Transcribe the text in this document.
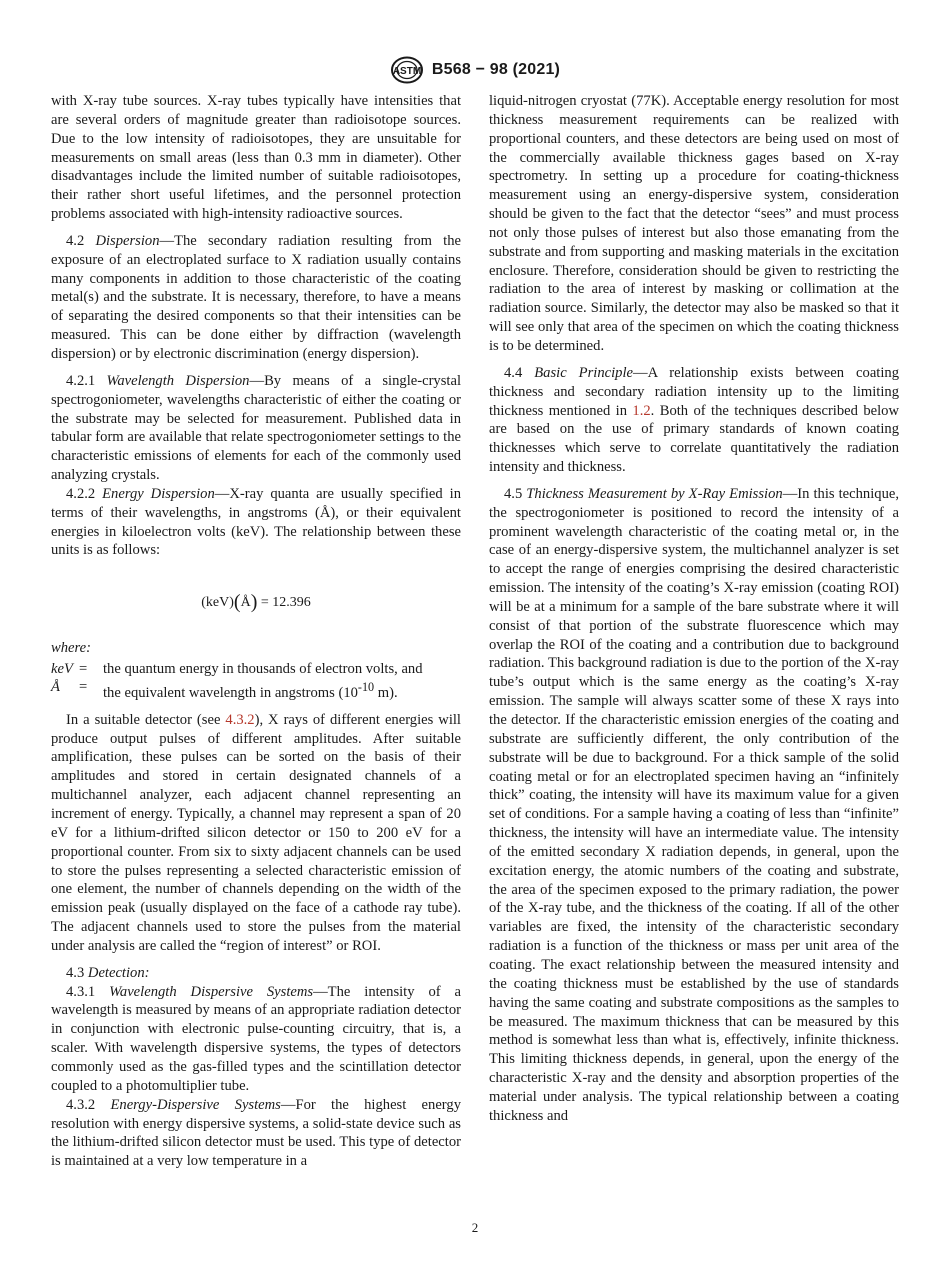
ASTM B568 − 98 (2021)

with X-ray tube sources. X-ray tubes typically have intensities that are several orders of magnitude greater than radioisotope sources. Due to the low intensity of radioisotopes, they are unsuitable for measurements on small areas (less than 0.3 mm in diameter). Other disadvantages include the limited number of suitable radioisotopes, their rather short useful lifetimes, and the personnel protection problems associated with high-intensity radioactive sources.

4.2 Dispersion—The secondary radiation resulting from the exposure of an electroplated surface to X radiation usually contains many components in addition to those characteristic of the coating metal(s) and the substrate. It is necessary, therefore, to have a means of separating the desired components so that their intensities can be measured. This can be done either by diffraction (wavelength dispersion) or by electronic discrimination (energy dispersion).

4.2.1 Wavelength Dispersion—By means of a single-crystal spectrogoniometer, wavelengths characteristic of either the coating or the substrate may be selected for measurement. Published data in tabular form are available that relate spectrogoniometer settings to the characteristic emissions of elements for each of the commonly used analyzing crystals.

4.2.2 Energy Dispersion—X-ray quanta are usually specified in terms of their wavelengths, in angstroms (Å), or their equivalent energies in kiloelectron volts (keV). The relationship between these units is as follows:

(keV)(Å) = 12.396
where:
keV =	the quantum energy in thousands of electron volts, and
Å	=	the equivalent wavelength in angstroms ($10^{-10}$ m).

In a suitable detector (see 4.3.2), X rays of different energies will produce output pulses of different amplitudes. After suitable amplification, these pulses can be sorted on the basis of their amplitudes and stored in certain designated channels of a multichannel analyzer, each adjacent channel representing an increment of energy. Typically, a channel may represent a span of 20 eV for a lithium-drifted silicon detector or 150 to 200 eV for a proportional counter. From six to sixty adjacent channels can be used to store the pulses representing a selected characteristic emission of one element, the number of channels depending on the width of the emission peak (usually displayed on the face of a cathode ray tube). The adjacent channels used to store the pulses from the material under analysis are called the “region of interest” or ROI.

4.3 Detection:

4.3.1 Wavelength Dispersive Systems—The intensity of a wavelength is measured by means of an appropriate radiation detector in conjunction with electronic pulse-counting circuitry, that is, a scaler. With wavelength dispersive systems, the types of detectors commonly used as the gas-filled types and the scintillation detector coupled to a photomultiplier tube.

4.3.2 Energy-Dispersive Systems—For the highest energy resolution with energy dispersive systems, a solid-state device such as the lithium-drifted silicon detector must be used. This type of detector is maintained at a very low temperature in a

liquid-nitrogen cryostat (77K). Acceptable energy resolution for most thickness measurement requirements can be realized with proportional counters, and these detectors are being used on most of the commercially available thickness gages based on X-ray spectrometry. In setting up a procedure for coating-thickness measurement using an energy-dispersive system, consideration should be given to the fact that the detector “sees” and must process not only those pulses of interest but also those emanating from the substrate and from supporting and masking materials in the excitation enclosure. Therefore, consideration should be given to restricting the radiation to the area of interest by masking or collimation at the radiation source. Similarly, the detector may also be masked so that it will see only that area of the specimen on which the coating thickness is to be determined.

4.4 Basic Principle—A relationship exists between coating thickness and secondary radiation intensity up to the limiting thickness mentioned in 1.2. Both of the techniques described below are based on the use of primary standards of known coating thicknesses which serve to correlate quantitatively the radiation intensity and thickness.

4.5 Thickness Measurement by X-Ray Emission—In this technique, the spectrogoniometer is positioned to record the intensity of a prominent wavelength characteristic of the coating metal or, in the case of an energy-dispersive system, the multichannel analyzer is set to accept the range of energies comprising the desired characteristic emission. The intensity of the coating’s X-ray emission (coating ROI) will be at a minimum for a sample of the bare substrate where it will consist of that portion of the substrate fluorescence which may overlap the ROI of the coating and a contribution due to background radiation. This background radiation is due to the portion of the X-ray tube’s output which is the same energy as the coating’s X-ray emission. The sample will always scatter some of these X rays into the detector. If the characteristic emission energies of the coating and substrate are sufficiently different, the only contribution of the substrate will be due to background. For a thick sample of the solid coating metal or for an electroplated specimen having an “infinitely thick” coating, the intensity will have its maximum value for a given set of conditions. For a sample having a coating of less than “infinite” thickness, the intensity will have an intermediate value. The intensity of the emitted secondary X radiation depends, in general, upon the excitation energy, the atomic numbers of the coating and substrate, the area of the specimen exposed to the primary radiation, the power of the X-ray tube, and the thickness of the coating. If all of the other variables are fixed, the intensity of the characteristic secondary radiation is a function of the thickness or mass per unit area of the coating. The exact relationship between the measured intensity and the coating thickness must be established by the use of standards having the same coating and substrate compositions as the samples to be measured. The maximum thickness that can be measured by this method is somewhat less than what is, effectively, infinite thickness. This limiting thickness depends, in general, upon the energy of the characteristic X-ray and the density and absorption properties of the material under analysis. The typical relationship between a coating thickness and

2
